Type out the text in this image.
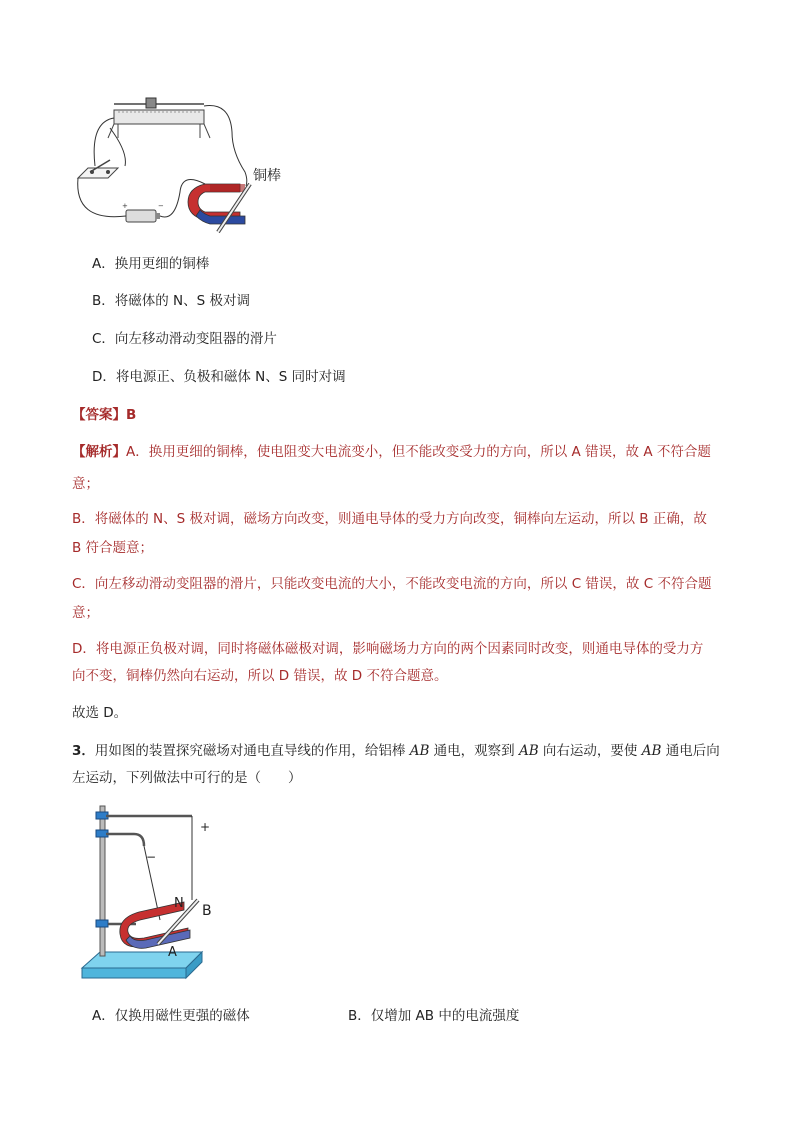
+	−
铜棒
A．换用更细的铜棒
B．将磁体的 N、S 极对调
C．向左移动滑动变阻器的滑片
D．将电源正、负极和磁体 N、S 同时对调
【答案】B
【解析】A．换用更细的铜棒，使电阻变大电流变小，但不能改变受力的方向，所以 A 错误，故 A 不符合题
意；
B．将磁体的 N、S 极对调，磁场方向改变，则通电导体的受力方向改变，铜棒向左运动，所以 B 正确，故
B 符合题意；
C．向左移动滑动变阻器的滑片，只能改变电流的大小，不能改变电流的方向，所以 C 错误，故 C 不符合题
意；
D．将电源正负极对调，同时将磁体磁极对调，影响磁场力方向的两个因素同时改变，则通电导体的受力方
向不变，铜棒仍然向右运动，所以 D 错误，故 D 不符合题意。
故选 D。
3．用如图的装置探究磁场对通电直导线的作用，给铝棒 AB 通电，观察到 AB 向右运动，要使 AB 通电后向
左运动，下列做法中可行的是（　　）
+
−
N B
A
A．仅换用磁性更强的磁体	B．仅增加 AB 中的电流强度
